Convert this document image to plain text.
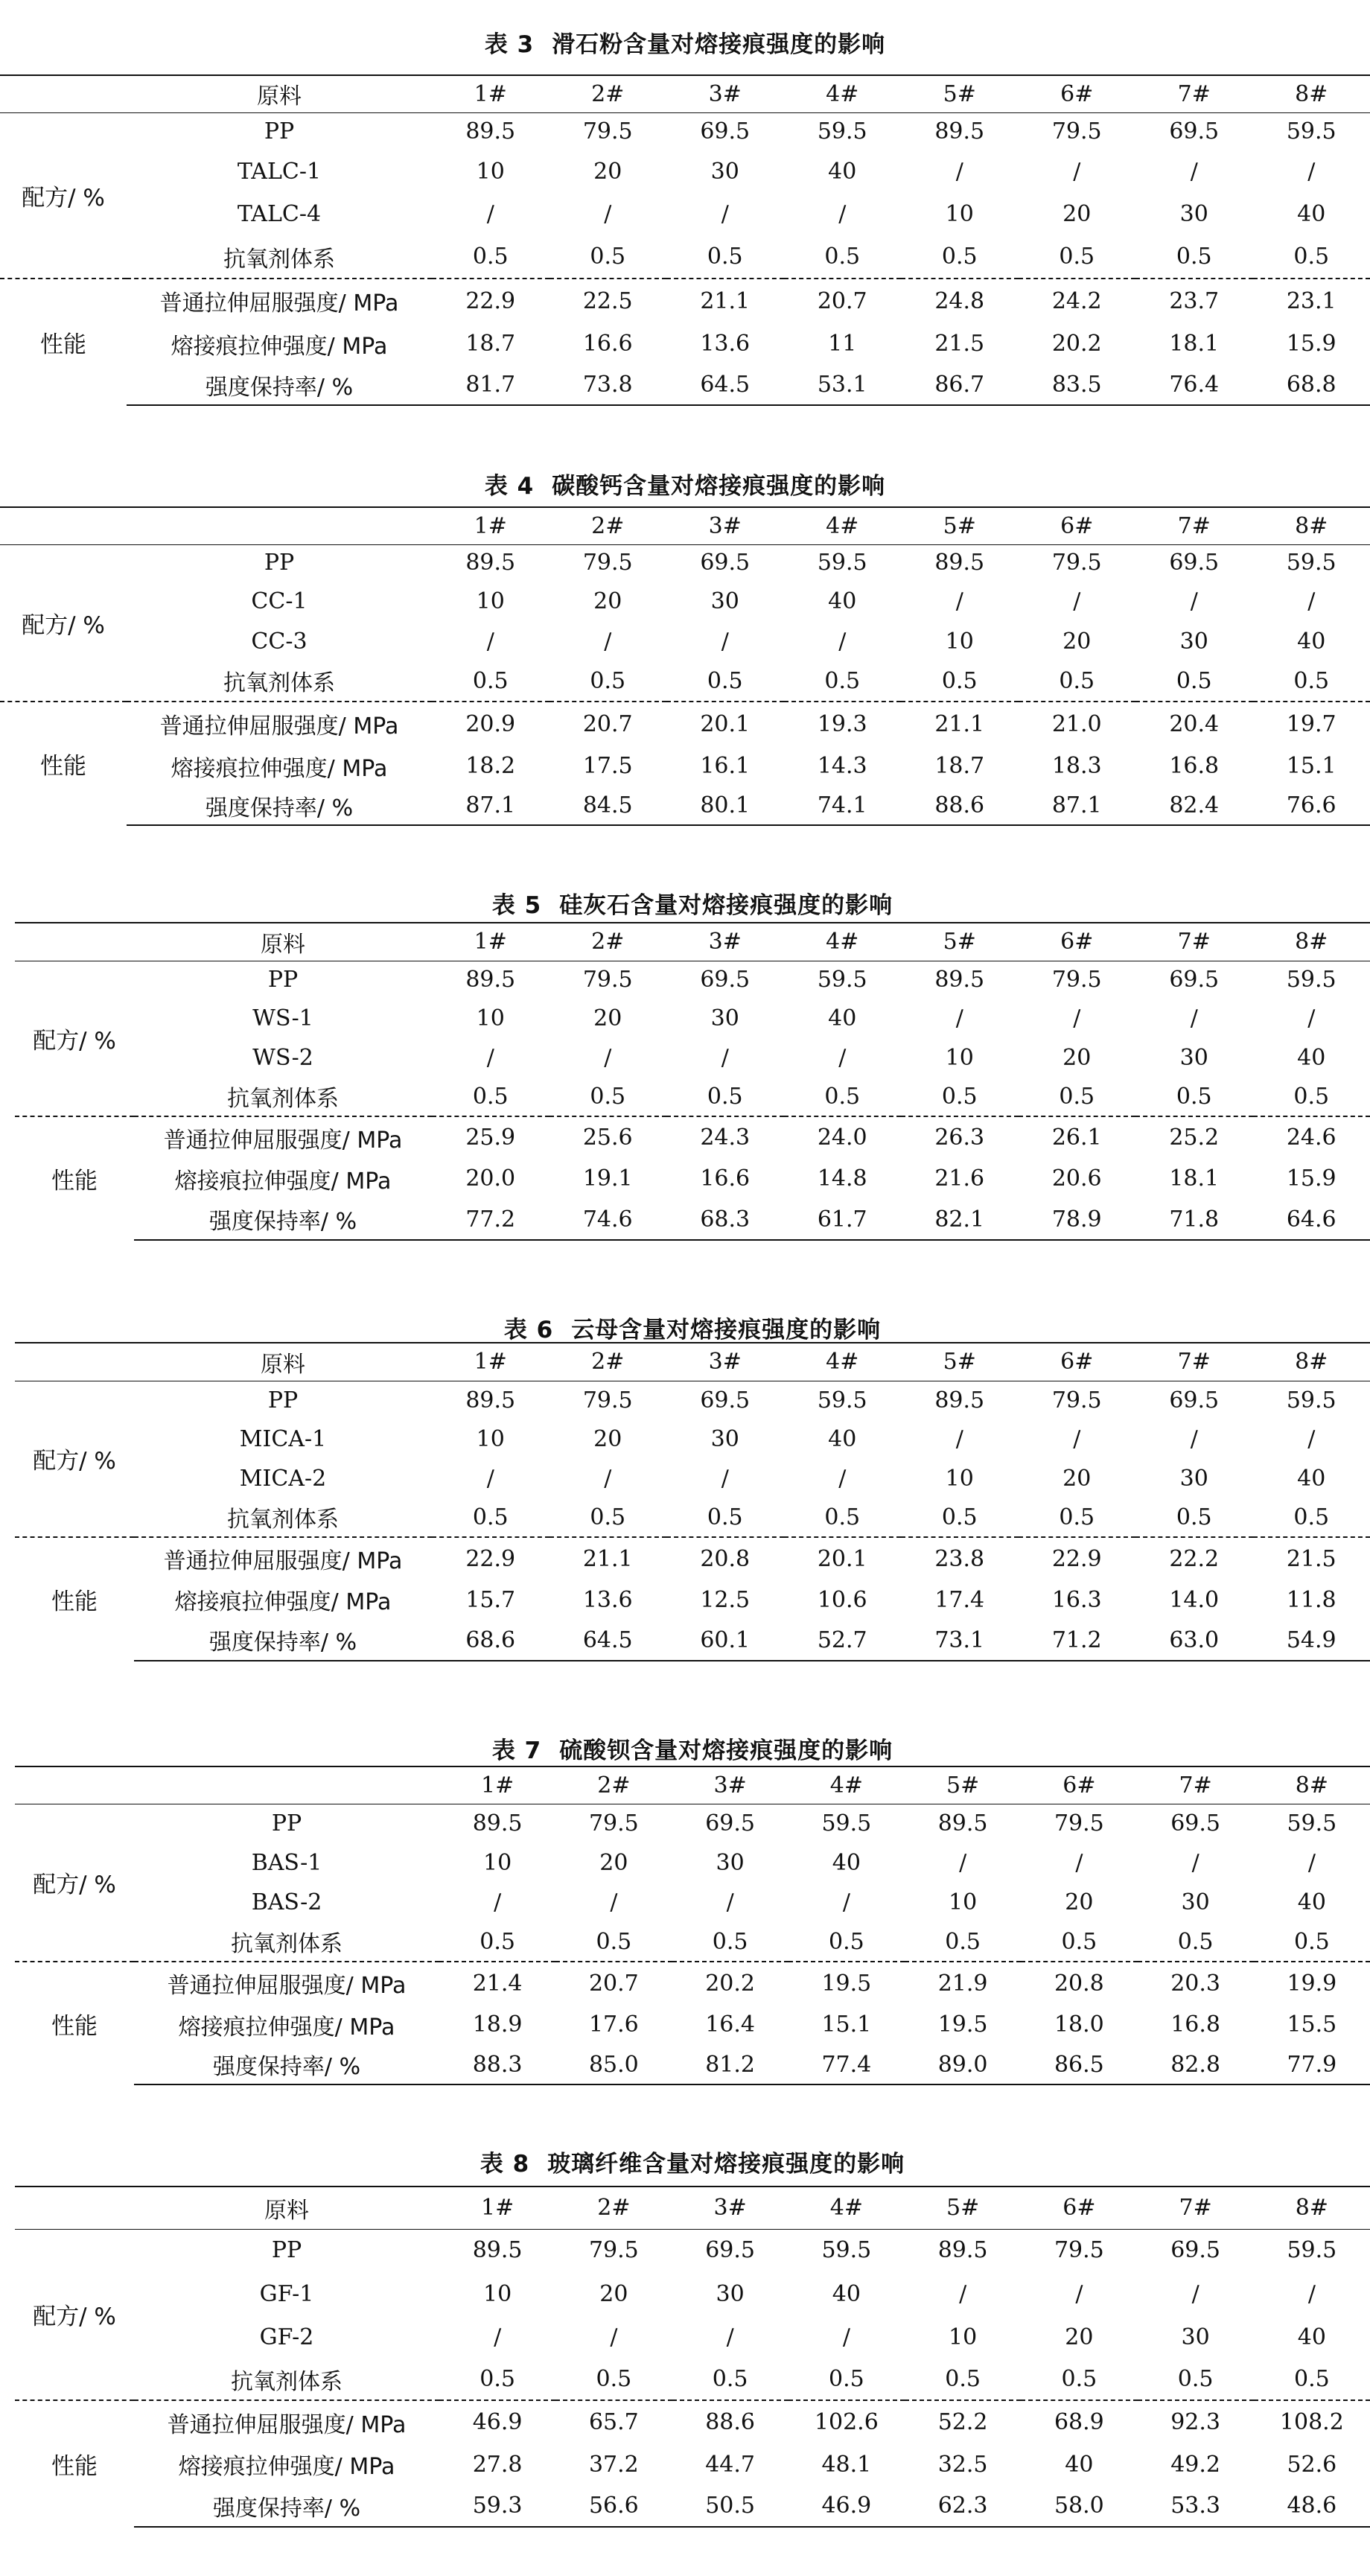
表 3 滑石粉含量对熔接痕强度的影响
	原料	1#	2#	3#	4#	5#	6#	7#	8#
配方/ %	PP	89.5	79.5	69.5	59.5	89.5	79.5	69.5	59.5
	TALC-1	10	20	30	40	/	/	/	/
	TALC-4	/	/	/	/	10	20	30	40
	抗氧剂体系	0.5	0.5	0.5	0.5	0.5	0.5	0.5	0.5
性能	普通拉伸屈服强度/ MPa	22.9	22.5	21.1	20.7	24.8	24.2	23.7	23.1
	熔接痕拉伸强度/ MPa	18.7	16.6	13.6	11	21.5	20.2	18.1	15.9
	强度保持率/ %	81.7	73.8	64.5	53.1	86.7	83.5	76.4	68.8
表 4 碳酸钙含量对熔接痕强度的影响
		1#	2#	3#	4#	5#	6#	7#	8#
配方/ %	PP	89.5	79.5	69.5	59.5	89.5	79.5	69.5	59.5
	CC-1	10	20	30	40	/	/	/	/
	CC-3	/	/	/	/	10	20	30	40
	抗氧剂体系	0.5	0.5	0.5	0.5	0.5	0.5	0.5	0.5
性能	普通拉伸屈服强度/ MPa	20.9	20.7	20.1	19.3	21.1	21.0	20.4	19.7
	熔接痕拉伸强度/ MPa	18.2	17.5	16.1	14.3	18.7	18.3	16.8	15.1
	强度保持率/ %	87.1	84.5	80.1	74.1	88.6	87.1	82.4	76.6
表 5 硅灰石含量对熔接痕强度的影响
	原料	1#	2#	3#	4#	5#	6#	7#	8#
配方/ %	PP	89.5	79.5	69.5	59.5	89.5	79.5	69.5	59.5
	WS-1	10	20	30	40	/	/	/	/
	WS-2	/	/	/	/	10	20	30	40
	抗氧剂体系	0.5	0.5	0.5	0.5	0.5	0.5	0.5	0.5
性能	普通拉伸屈服强度/ MPa	25.9	25.6	24.3	24.0	26.3	26.1	25.2	24.6
	熔接痕拉伸强度/ MPa	20.0	19.1	16.6	14.8	21.6	20.6	18.1	15.9
	强度保持率/ %	77.2	74.6	68.3	61.7	82.1	78.9	71.8	64.6
表 6 云母含量对熔接痕强度的影响
	原料	1#	2#	3#	4#	5#	6#	7#	8#
配方/ %	PP	89.5	79.5	69.5	59.5	89.5	79.5	69.5	59.5
	MICA-1	10	20	30	40	/	/	/	/
	MICA-2	/	/	/	/	10	20	30	40
	抗氧剂体系	0.5	0.5	0.5	0.5	0.5	0.5	0.5	0.5
性能	普通拉伸屈服强度/ MPa	22.9	21.1	20.8	20.1	23.8	22.9	22.2	21.5
	熔接痕拉伸强度/ MPa	15.7	13.6	12.5	10.6	17.4	16.3	14.0	11.8
	强度保持率/ %	68.6	64.5	60.1	52.7	73.1	71.2	63.0	54.9
表 7 硫酸钡含量对熔接痕强度的影响
		1#	2#	3#	4#	5#	6#	7#	8#
配方/ %	PP	89.5	79.5	69.5	59.5	89.5	79.5	69.5	59.5
	BAS-1	10	20	30	40	/	/	/	/
	BAS-2	/	/	/	/	10	20	30	40
	抗氧剂体系	0.5	0.5	0.5	0.5	0.5	0.5	0.5	0.5
性能	普通拉伸屈服强度/ MPa	21.4	20.7	20.2	19.5	21.9	20.8	20.3	19.9
	熔接痕拉伸强度/ MPa	18.9	17.6	16.4	15.1	19.5	18.0	16.8	15.5
	强度保持率/ %	88.3	85.0	81.2	77.4	89.0	86.5	82.8	77.9
表 8 玻璃纤维含量对熔接痕强度的影响
	原料	1#	2#	3#	4#	5#	6#	7#	8#
配方/ %	PP	89.5	79.5	69.5	59.5	89.5	79.5	69.5	59.5
	GF-1	10	20	30	40	/	/	/	/
	GF-2	/	/	/	/	10	20	30	40
	抗氧剂体系	0.5	0.5	0.5	0.5	0.5	0.5	0.5	0.5
性能	普通拉伸屈服强度/ MPa	46.9	65.7	88.6	102.6	52.2	68.9	92.3	108.2
	熔接痕拉伸强度/ MPa	27.8	37.2	44.7	48.1	32.5	40	49.2	52.6
	强度保持率/ %	59.3	56.6	50.5	46.9	62.3	58.0	53.3	48.6
